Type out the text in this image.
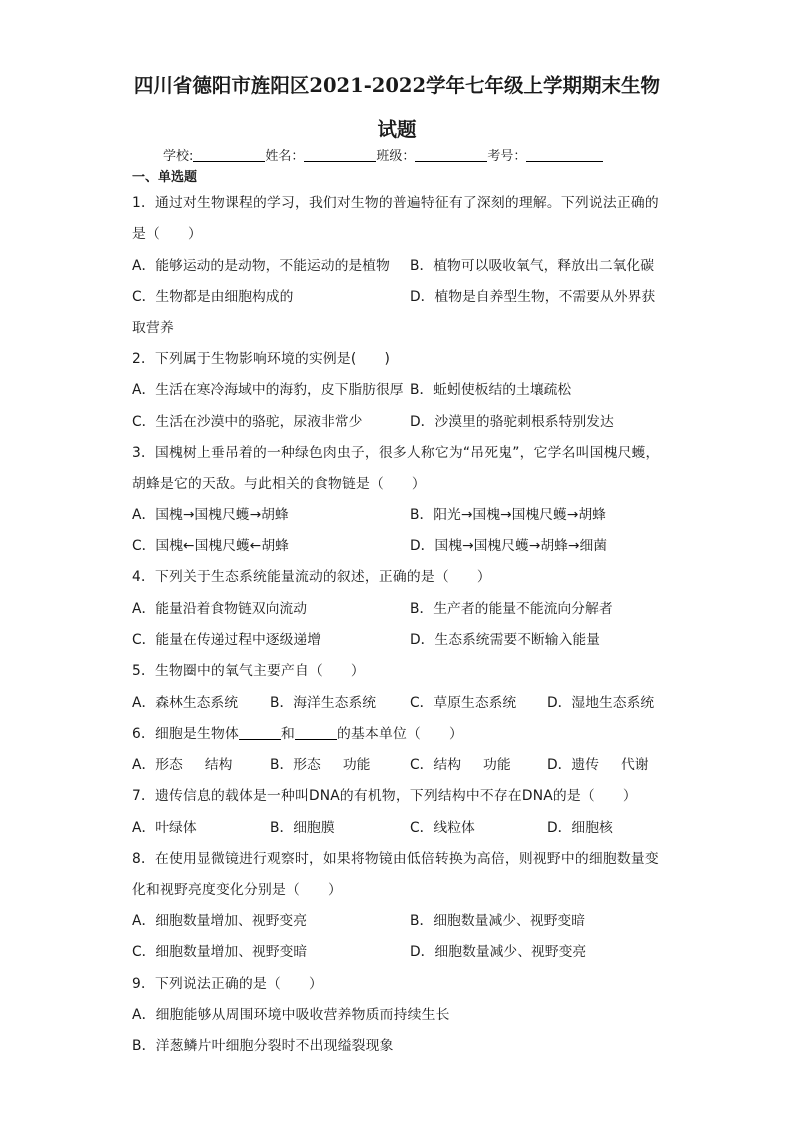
四川省德阳市旌阳区2021-2022学年七年级上学期期末生物
试题
学校:	姓名：	班级：	考号：
一、单选题
1．通过对生物课程的学习，我们对生物的普遍特征有了深刻的理解。下列说法正确的
是（　　）
A．能够运动的是动物，不能运动的是植物 B．植物可以吸收氧气，释放出二氧化碳
C．生物都是由细胞构成的	D．植物是自养型生物，不需要从外界获
取营养
2．下列属于生物影响环境的实例是(　　)
A．生活在寒冷海域中的海豹，皮下脂肪很厚 B．蚯蚓使板结的土壤疏松
C．生活在沙漠中的骆驼，尿液非常少	D．沙漠里的骆驼刺根系特别发达
3．国槐树上垂吊着的一种绿色肉虫子，很多人称它为“吊死鬼”，它学名叫国槐尺蠖，
胡蜂是它的天敌。与此相关的食物链是（　　）
A．国槐→国槐尺蠖→胡蜂	B．阳光→国槐→国槐尺蠖→胡蜂
C．国槐←国槐尺蠖←胡蜂	D．国槐→国槐尺蠖→胡蜂→细菌
4．下列关于生态系统能量流动的叙述，正确的是（　　）
A．能量沿着食物链双向流动	B．生产者的能量不能流向分解者
C．能量在传递过程中逐级递增	D．生态系统需要不断输入能量
5．生物圈中的氧气主要产自（　　）
A．森林生态系统 B．海洋生态系统 C．草原生态系统 D．湿地生态系统
6．细胞是生物体	和	的基本单位（　　）
A．形态 结构	B．形态 功能	C．结构 功能	D．遗传 代谢
7．遗传信息的载体是一种叫DNA的有机物，下列结构中不存在DNA的是（　　）
A．叶绿体	B．细胞膜	C．线粒体	D．细胞核
8．在使用显微镜进行观察时，如果将物镜由低倍转换为高倍，则视野中的细胞数量变
化和视野亮度变化分别是（　　）
A．细胞数量增加、视野变亮	B．细胞数量减少、视野变暗
C．细胞数量增加、视野变暗	D．细胞数量减少、视野变亮
9．下列说法正确的是（　　）
A．细胞能够从周围环境中吸收营养物质而持续生长
B．洋葱鳞片叶细胞分裂时不出现缢裂现象
